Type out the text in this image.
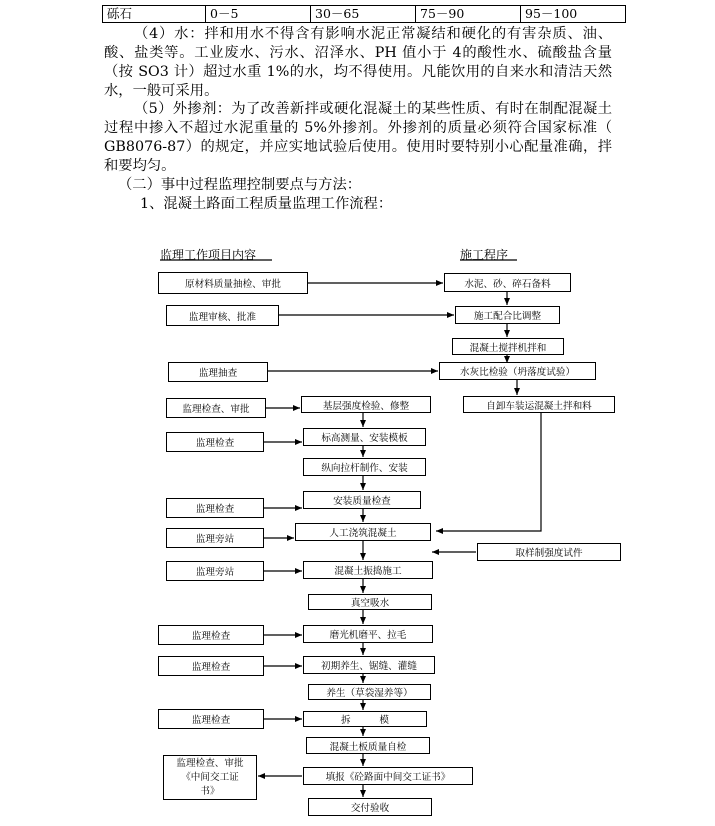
砾石	0－5	30－65	75－90	95－100
（4）水：拌和用水不得含有影响水泥正常凝结和硬化的有害杂质、油、酸、盐类等。工业废水、污水、沼泽水、PH 值小于 4的酸性水、硫酸盐含量（按 SO3 计）超过水重 1%的水，均不得使用。凡能饮用的自来水和清洁天然水，一般可采用。
（5）外掺剂：为了改善新拌或硬化混凝土的某些性质、有时在制配混凝土过程中掺入不超过水泥重量的 5%外掺剂。外掺剂的质量必须符合国家标准（ GB8076-87）的规定，并应实地试验后使用。使用时要特别小心配量准确，拌和要均匀。
（二）事中过程监理控制要点与方法：
1、混凝土路面工程质量监理工作流程：
监理工作项目内容	施工程序
原材料质量抽检、审批
监理审核、批准
监理抽查
监理检查、审批
监理检查
监理检查
监理旁站
监理旁站
监理检查
监理检查
监理检查
监理检查、审批
《中间交工证
书》
水泥、砂、碎石备料
施工配合比调整
混凝土搅拌机拌和
水灰比检验（坍落度试验）
自卸车装运混凝土拌和料
基层强度检验、修整
标高测量、安装模板
纵向拉杆制作、安装
安装质量检查
人工浇筑混凝土
混凝土振捣施工
真空吸水
磨光机磨平、拉毛
初期养生、锯缝、灌缝
养生（草袋湿养等）
拆　　　模
混凝土板质量自检
填报《砼路面中间交工证书》
交付验收
取样制强度试件
